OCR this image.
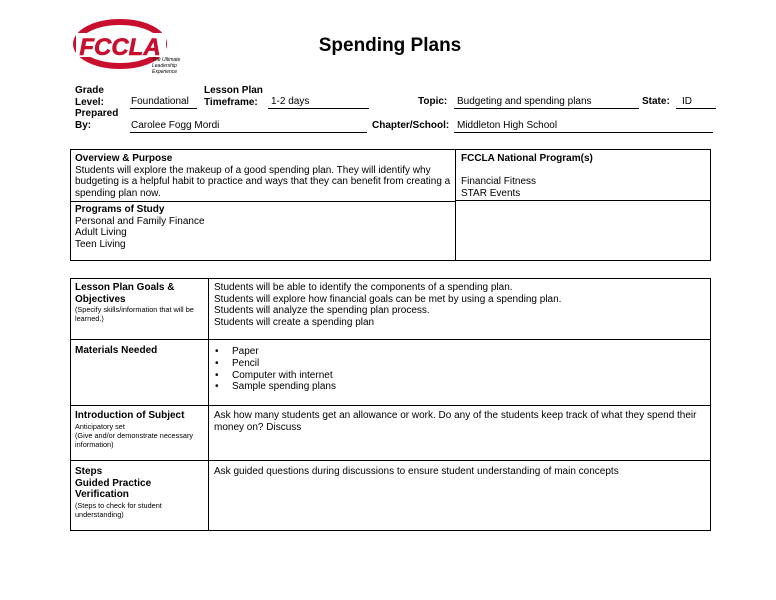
FCCLA
The Ultimate
Leadership
Experience
Spending Plans
Grade
Level:	Foundational
Lesson Plan
Timeframe:	1-2 days	Topic: Budgeting and spending plans	State:	ID
Prepared
By:	Carolee Fogg Mordi	Chapter/School: Middleton High School
Overview & Purpose
Students will explore the makeup of a good spending plan. They will identify why budgeting is a helpful habit to practice and ways that they can benefit from creating a spending plan now.
FCCLA National Program(s)
Financial Fitness
STAR Events
Programs of Study
Personal and Family Finance
Adult Living
Teen Living
Lesson Plan Goals & Objectives
(Specify skills/information that will be learned.)
Students will be able to identify the components of a spending plan.
Students will explore how financial goals can be met by using a spending plan.
Students will analyze the spending plan process.
Students will create a spending plan
Materials Needed
•	Paper
• Pencil
• Computer with internet
• Sample spending plans
Introduction of Subject
Anticipatory set
(Give and/or demonstrate necessary information)
Ask how many students get an allowance or work. Do any of the students keep track of what they spend their money on? Discuss
Steps
Guided Practice
Verification
(Steps to check for student understanding)
Ask guided questions during discussions to ensure student understanding of main concepts
